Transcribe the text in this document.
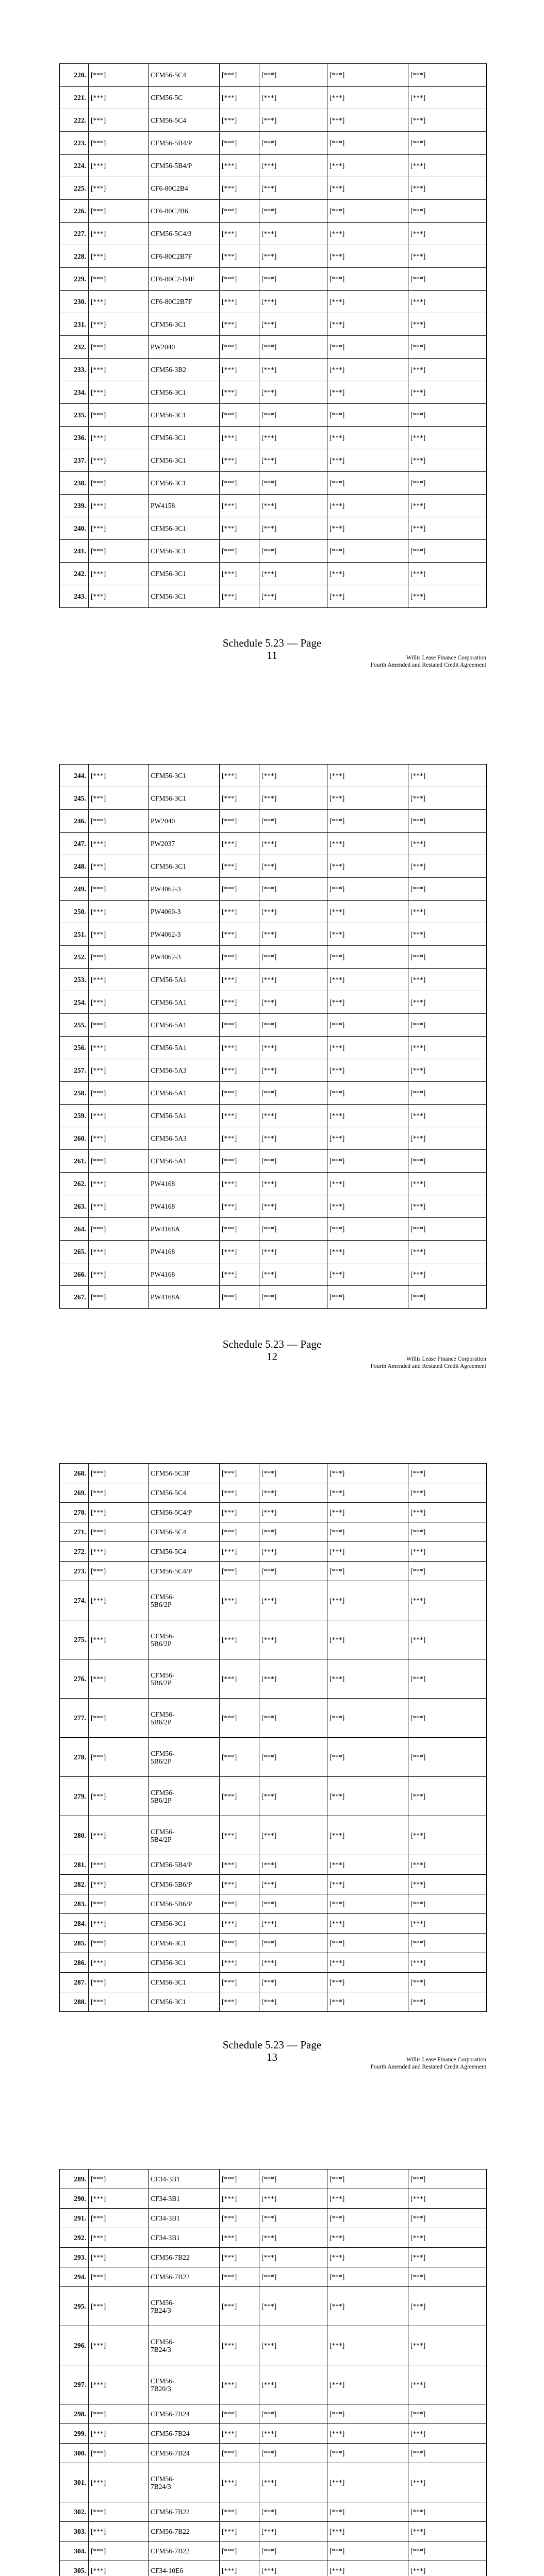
220.	[***]	CFM56-5C4	[***]	[***]	[***]	[***]
221.	[***]	CFM56-5C	[***]	[***]	[***]	[***]
222.	[***]	CFM56-5C4	[***]	[***]	[***]	[***]
223.	[***]	CFM56-5B4/P	[***]	[***]	[***]	[***]
224.	[***]	CFM56-5B4/P	[***]	[***]	[***]	[***]
225.	[***]	CF6-80C2B4	[***]	[***]	[***]	[***]
226.	[***]	CF6-80C2B6	[***]	[***]	[***]	[***]
227.	[***]	CFM56-5C4/3	[***]	[***]	[***]	[***]
228.	[***]	CF6-80C2B7F	[***]	[***]	[***]	[***]
229.	[***]	CF6-80C2-B4F	[***]	[***]	[***]	[***]
230.	[***]	CF6-80C2B7F	[***]	[***]	[***]	[***]
231.	[***]	CFM56-3C1	[***]	[***]	[***]	[***]
232.	[***]	PW2040	[***]	[***]	[***]	[***]
233.	[***]	CFM56-3B2	[***]	[***]	[***]	[***]
234.	[***]	CFM56-3C1	[***]	[***]	[***]	[***]
235.	[***]	CFM56-3C1	[***]	[***]	[***]	[***]
236.	[***]	CFM56-3C1	[***]	[***]	[***]	[***]
237.	[***]	CFM56-3C1	[***]	[***]	[***]	[***]
238.	[***]	CFM56-3C1	[***]	[***]	[***]	[***]
239.	[***]	PW4158	[***]	[***]	[***]	[***]
240.	[***]	CFM56-3C1	[***]	[***]	[***]	[***]
241.	[***]	CFM56-3C1	[***]	[***]	[***]	[***]
242.	[***]	CFM56-3C1	[***]	[***]	[***]	[***]
243.	[***]	CFM56-3C1	[***]	[***]	[***]	[***]
Schedule 5.23 — Page
11	Willis Lease Finance Corporation
Fourth Amended and Restated Credit Agreement
244.	[***]	CFM56-3C1	[***]	[***]	[***]	[***]
245.	[***]	CFM56-3C1	[***]	[***]	[***]	[***]
246.	[***]	PW2040	[***]	[***]	[***]	[***]
247.	[***]	PW2037	[***]	[***]	[***]	[***]
248.	[***]	CFM56-3C1	[***]	[***]	[***]	[***]
249.	[***]	PW4062-3	[***]	[***]	[***]	[***]
250.	[***]	PW4060-3	[***]	[***]	[***]	[***]
251.	[***]	PW4062-3	[***]	[***]	[***]	[***]
252.	[***]	PW4062-3	[***]	[***]	[***]	[***]
253.	[***]	CFM56-5A1	[***]	[***]	[***]	[***]
254.	[***]	CFM56-5A1	[***]	[***]	[***]	[***]
255.	[***]	CFM56-5A1	[***]	[***]	[***]	[***]
256.	[***]	CFM56-5A1	[***]	[***]	[***]	[***]
257.	[***]	CFM56-5A3	[***]	[***]	[***]	[***]
258.	[***]	CFM56-5A1	[***]	[***]	[***]	[***]
259.	[***]	CFM56-5A1	[***]	[***]	[***]	[***]
260.	[***]	CFM56-5A3	[***]	[***]	[***]	[***]
261.	[***]	CFM56-5A1	[***]	[***]	[***]	[***]
262.	[***]	PW4168	[***]	[***]	[***]	[***]
263.	[***]	PW4168	[***]	[***]	[***]	[***]
264.	[***]	PW4168A	[***]	[***]	[***]	[***]
265.	[***]	PW4168	[***]	[***]	[***]	[***]
266.	[***]	PW4168	[***]	[***]	[***]	[***]
267.	[***]	PW4168A	[***]	[***]	[***]	[***]
Schedule 5.23 — Page
12	Willis Lease Finance Corporation
Fourth Amended and Restated Credit Agreement
268.	[***]	CFM56-5C3F	[***]	[***]	[***]	[***]
269.	[***]	CFM56-5C4	[***]	[***]	[***]	[***]
270.	[***]	CFM56-5C4/P	[***]	[***]	[***]	[***]
271.	[***]	CFM56-5C4	[***]	[***]	[***]	[***]
272.	[***]	CFM56-5C4	[***]	[***]	[***]	[***]
273.	[***]	CFM56-5C4/P	[***]	[***]	[***]	[***]
274.	[***]	CFM56-
5B6/2P	[***]	[***]	[***]	[***]
275.	[***]	CFM56-
5B6/2P	[***]	[***]	[***]	[***]
276.	[***]	CFM56-
5B6/2P	[***]	[***]	[***]	[***]
277.	[***]	CFM56-
5B6/2P	[***]	[***]	[***]	[***]
278.	[***]	CFM56-
5B6/2P	[***]	[***]	[***]	[***]
279.	[***]	CFM56-
5B6/2P	[***]	[***]	[***]	[***]
280.	[***]	CFM56-
5B4/2P	[***]	[***]	[***]	[***]
281.	[***]	CFM56-5B4/P	[***]	[***]	[***]	[***]
282.	[***]	CFM56-5B6/P	[***]	[***]	[***]	[***]
283.	[***]	CFM56-5B6/P	[***]	[***]	[***]	[***]
284.	[***]	CFM56-3C1	[***]	[***]	[***]	[***]
285.	[***]	CFM56-3C1	[***]	[***]	[***]	[***]
286.	[***]	CFM56-3C1	[***]	[***]	[***]	[***]
287.	[***]	CFM56-3C1	[***]	[***]	[***]	[***]
288.	[***]	CFM56-3C1	[***]	[***]	[***]	[***]
Schedule 5.23 — Page
13	Willis Lease Finance Corporation
Fourth Amended and Restated Credit Agreement
289.	[***]	CF34-3B1	[***]	[***]	[***]	[***]
290.	[***]	CF34-3B1	[***]	[***]	[***]	[***]
291.	[***]	CF34-3B1	[***]	[***]	[***]	[***]
292.	[***]	CF34-3B1	[***]	[***]	[***]	[***]
293.	[***]	CFM56-7B22	[***]	[***]	[***]	[***]
294.	[***]	CFM56-7B22	[***]	[***]	[***]	[***]
295.	[***]	CFM56-
7B24/3	[***]	[***]	[***]	[***]
296.	[***]	CFM56-
7B24/3	[***]	[***]	[***]	[***]
297.	[***]	CFM56-
7B20/3	[***]	[***]	[***]	[***]
298.	[***]	CFM56-7B24	[***]	[***]	[***]	[***]
299.	[***]	CFM56-7B24	[***]	[***]	[***]	[***]
300.	[***]	CFM56-7B24	[***]	[***]	[***]	[***]
301.	[***]	CFM56-
7B24/3	[***]	[***]	[***]	[***]
302.	[***]	CFM56-7B22	[***]	[***]	[***]	[***]
303.	[***]	CFM56-7B22	[***]	[***]	[***]	[***]
304.	[***]	CFM56-7B22	[***]	[***]	[***]	[***]
305.	[***]	CF34-10E6	[***]	[***]	[***]	[***]
